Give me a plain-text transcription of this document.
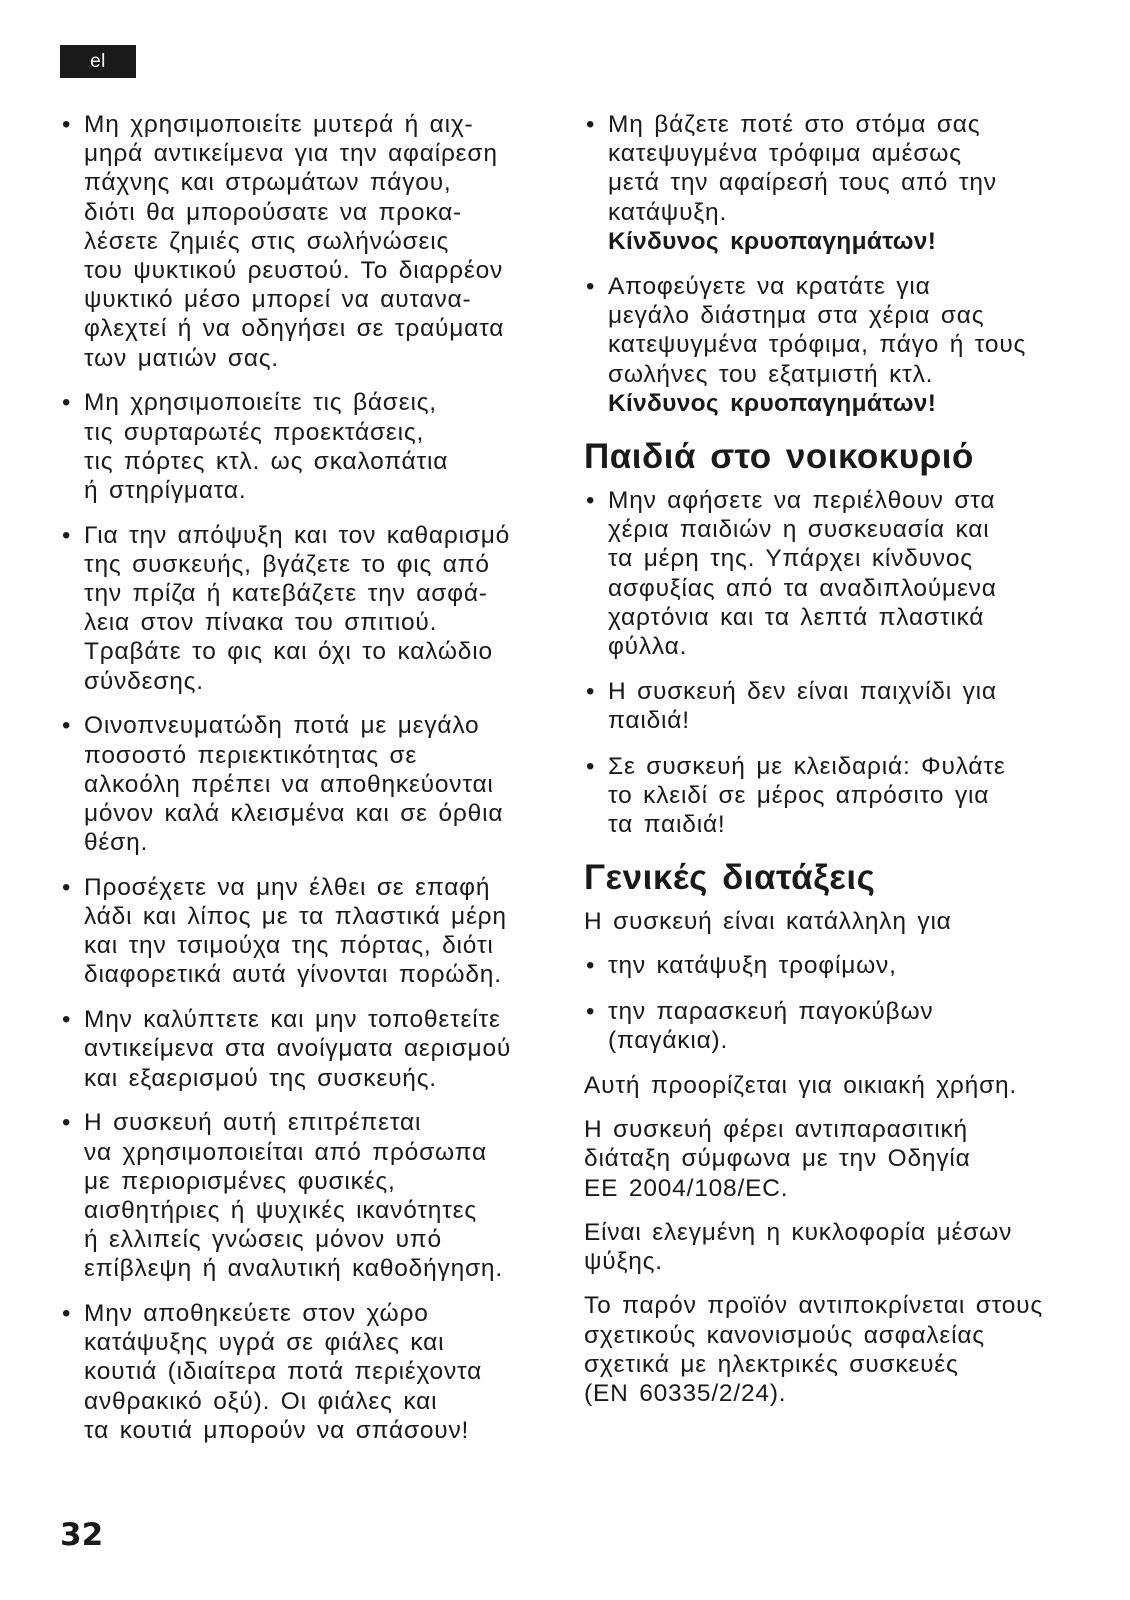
el
• Μη χρησιμοποιείτε μυτερά ή αιχ-
μηρά αντικείμενα για την αφαίρεση
πάχνης και στρωμάτων πάγου,
διότι θα μπορούσατε να προκα-
λέσετε ζημιές στις σωλήνώσεις
του ψυκτικού ρευστού. Το διαρρέον
ψυκτικό μέσο μπορεί να αυτανα-
φλεχτεί ή να οδηγήσει σε τραύματα
των ματιών σας.
• Μη χρησιμοποιείτε τις βάσεις,
τις συρταρωτές προεκτάσεις,
τις πόρτες κτλ. ως σκαλοπάτια
ή στηρίγματα.
• Για την απόψυξη και τον καθαρισμό
της συσκευής, βγάζετε το φις από
την πρίζα ή κατεβάζετε την ασφά-
λεια στον πίνακα του σπιτιού.
Τραβάτε το φις και όχι το καλώδιο
σύνδεσης.
• Οινοπνευματώδη ποτά με μεγάλο
ποσοστό περιεκτικότητας σε
αλκοόλη πρέπει να αποθηκεύονται
μόνον καλά κλεισμένα και σε όρθια
θέση.
• Προσέχετε να μην έλθει σε επαφή
λάδι και λίπος με τα πλαστικά μέρη
και την τσιμούχα της πόρτας, διότι
διαφορετικά αυτά γίνονται πορώδη.
• Μην καλύπτετε και μην τοποθετείτε
αντικείμενα στα ανοίγματα αερισμού
και εξαερισμού της συσκευής.
• Η συσκευή αυτή επιτρέπεται
να χρησιμοποιείται από πρόσωπα
με περιορισμένες φυσικές,
αισθητήριες ή ψυχικές ικανότητες
ή ελλιπείς γνώσεις μόνον υπό
επίβλεψη ή αναλυτική καθοδήγηση.
• Μην αποθηκεύετε στον χώρο
κατάψυξης υγρά σε φιάλες και
κουτιά (ιδιαίτερα ποτά περιέχοντα
ανθρακικό οξύ). Οι φιάλες και
τα κουτιά μπορούν να σπάσουν!
• Μη βάζετε ποτέ στο στόμα σας
κατεψυγμένα τρόφιμα αμέσως
μετά την αφαίρεσή τους από την
κατάψυξη.
Κίνδυνος κρυοπαγημάτων!
• Αποφεύγετε να κρατάτε για
μεγάλο διάστημα στα χέρια σας
κατεψυγμένα τρόφιμα, πάγο ή τους
σωλήνες του εξατμιστή κτλ.
Κίνδυνος κρυοπαγημάτων!
Παιδιά στο νοικοκυριό
• Μην αφήσετε να περιέλθουν στα
χέρια παιδιών η συσκευασία και
τα μέρη της. Υπάρχει κίνδυνος
ασφυξίας από τα αναδιπλούμενα
χαρτόνια και τα λεπτά πλαστικά
φύλλα.
• Η συσκευή δεν είναι παιχνίδι για
παιδιά!
• Σε συσκευή με κλειδαριά: Φυλάτε
το κλειδί σε μέρος απρόσιτο για
τα παιδιά!
Γενικές διατάξεις

Η συσκευή είναι κατάλληλη για

• την κατάψυξη τροφίμων,
• την παρασκευή παγοκύβων
(παγάκια).

Αυτή προορίζεται για οικιακή χρήση.

Η συσκευή φέρει αντιπαρασιτική
διάταξη σύμφωνα με την Οδηγία
ΕΕ 2004/108/EC.

Είναι ελεγμένη η κυκλοφορία μέσων
ψύξης.

Το παρόν προϊόν αντιποκρίνεται στους
σχετικούς κανονισμούς ασφαλείας
σχετικά με ηλεκτρικές συσκευές
(EN 60335/2/24).

32
